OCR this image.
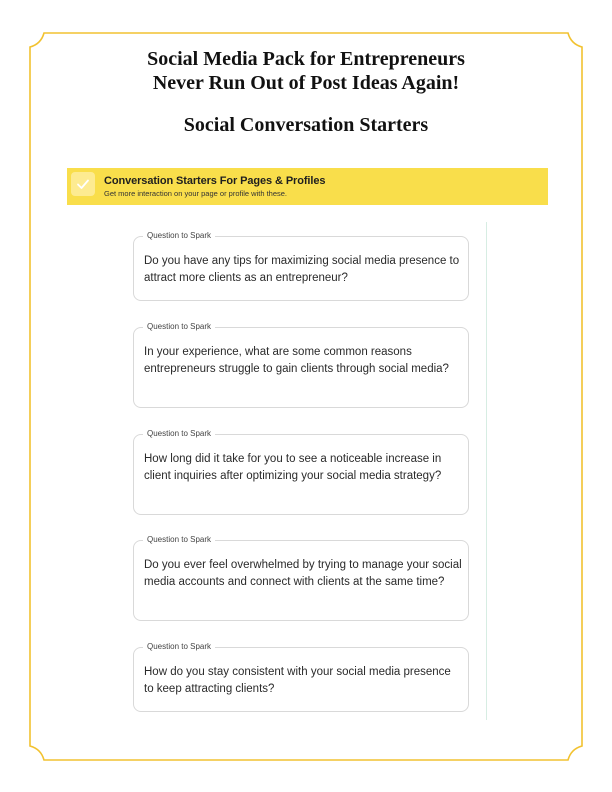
Social Media Pack for Entrepreneurs
Never Run Out of Post Ideas Again!
Social Conversation Starters
Conversation Starters For Pages & Profiles
Get more interaction on your page or profile with these.
Question to Spark
Do you have any tips for maximizing social media presence to attract more clients as an entrepreneur?
Question to Spark
In your experience, what are some common reasons entrepreneurs struggle to gain clients through social media?
Question to Spark
How long did it take for you to see a noticeable increase in client inquiries after optimizing your social media strategy?
Question to Spark
Do you ever feel overwhelmed by trying to manage your social media accounts and connect with clients at the same time?
Question to Spark
How do you stay consistent with your social media presence to keep attracting clients?
